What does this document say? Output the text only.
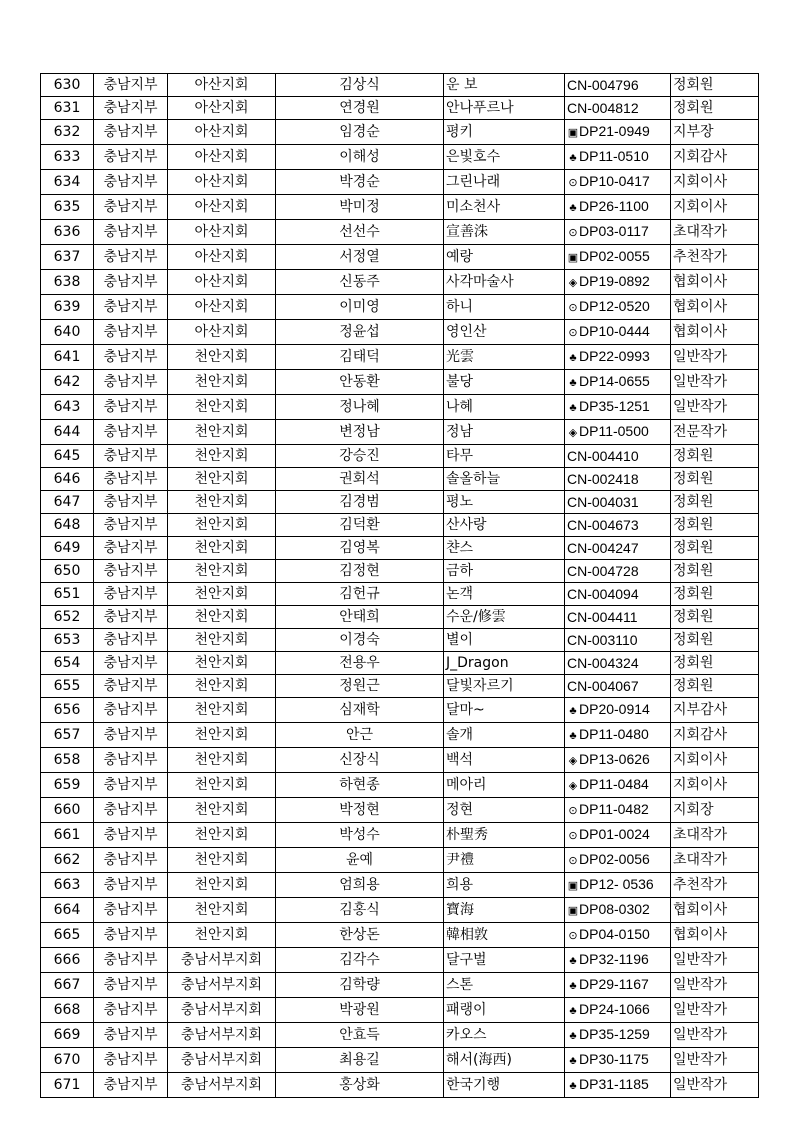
630	충남지부	아산지회	김상식	운 보	CN-004796	정회원
631	충남지부	아산지회	연경원	안나푸르나	CN-004812	정회원
632	충남지부	아산지회	임경순	평키	▣DP21-0949	지부장
633	충남지부	아산지회	이해성	은빛호수	♣ DP11-0510	지회감사
634	충남지부	아산지회	박경순	그린나래	⊙DP10-0417	지회이사
635	충남지부	아산지회	박미정	미소천사	♣ DP26-1100	지회이사
636	충남지부	아산지회	선선수	宣善洙	⊙DP03-0117	초대작가
637	충남지부	아산지회	서정열	예랑	▣DP02-0055	추천작가
638	충남지부	아산지회	신동주	사각마술사	◈ DP19-0892	협회이사
639	충남지부	아산지회	이미영	하니	⊙DP12-0520	협회이사
640	충남지부	아산지회	정윤섭	영인산	⊙DP10-0444	협회이사
641	충남지부	천안지회	김태덕	光雲	♣ DP22-0993	일반작가
642	충남지부	천안지회	안동환	불당	♣ DP14-0655	일반작가
643	충남지부	천안지회	정나혜	나혜	♣ DP35-1251	일반작가
644	충남지부	천안지회	변정남	정남	◈ DP11-0500	전문작가
645	충남지부	천안지회	강승진	타무	CN-004410	정회원
646	충남지부	천안지회	권회석	솔올하늘	CN-002418	정회원
647	충남지부	천안지회	김경범	평노	CN-004031	정회원
648	충남지부	천안지회	김덕환	산사랑	CN-004673	정회원
649	충남지부	천안지회	김영복	챤스	CN-004247	정회원
650	충남지부	천안지회	김정현	금하	CN-004728	정회원
651	충남지부	천안지회	김헌규	논객	CN-004094	정회원
652	충남지부	천안지회	안태희	수운/修雲	CN-004411	정회원
653	충남지부	천안지회	이경숙	별이	CN-003110	정회원
654	충남지부	천안지회	전용우	J_Dragon	CN-004324	정회원
655	충남지부	천안지회	정원근	달빛자르기	CN-004067	정회원
656	충남지부	천안지회	심재학	달마~	♣ DP20-0914	지부감사
657	충남지부	천안지회	안근	솔개	♣ DP11-0480	지회감사
658	충남지부	천안지회	신장식	백석	◈ DP13-0626	지회이사
659	충남지부	천안지회	하현종	메아리	◈ DP11-0484	지회이사
660	충남지부	천안지회	박정현	정현	⊙DP11-0482	지회장
661	충남지부	천안지회	박성수	朴聖秀	⊙DP01-0024	초대작가
662	충남지부	천안지회	윤예	尹禮	⊙DP02-0056	초대작가
663	충남지부	천안지회	엄희용	희용	▣DP12- 0536	추천작가
664	충남지부	천안지회	김홍식	寶海	▣DP08-0302	협회이사
665	충남지부	천안지회	한상돈	韓相敦	⊙DP04-0150	협회이사
666	충남지부	충남서부지회	김각수	달구벌	♣ DP32-1196	일반작가
667	충남지부	충남서부지회	김학량	스톤	♣ DP29-1167	일반작가
668	충남지부	충남서부지회	박광원	패랭이	♣ DP24-1066	일반작가
669	충남지부	충남서부지회	안효득	카오스	♣ DP35-1259	일반작가
670	충남지부	충남서부지회	최용길	해서(海西)	♣ DP30-1175	일반작가
671	충남지부	충남서부지회	홍상화	한국기행	♣ DP31-1185	일반작가
